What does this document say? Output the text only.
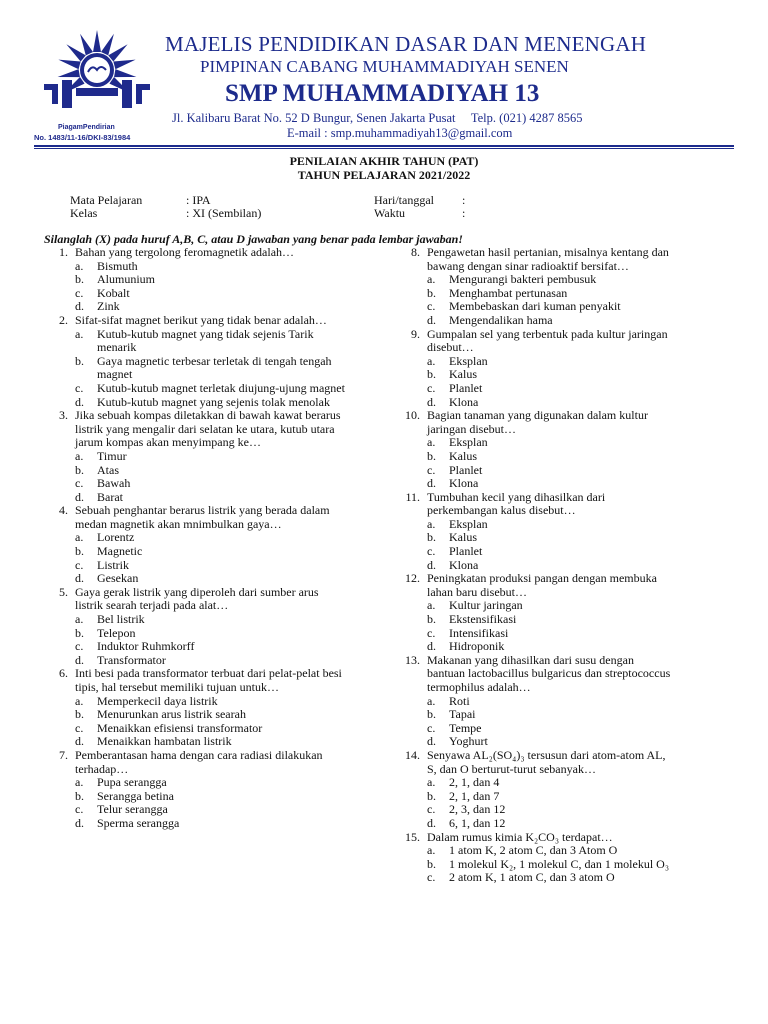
PiagamPendirian
No. 1483/11-16/DKI-83/1984
MAJELIS PENDIDIKAN DASAR DAN MENENGAH
PIMPINAN CABANG MUHAMMADIYAH SENEN
SMP MUHAMMADIYAH 13
Jl. Kalibaru Barat No. 52 D Bungur, Senen Jakarta Pusat     Telp. (021) 4287 8565
E-mail : smp.muhammadiyah13@gmail.com
PENILAIAN AKHIR TAHUN (PAT)
TAHUN PELAJARAN 2021/2022
Mata Pelajaran	: IPA
Kelas	: XI (Sembilan)
Hari/tanggal :
Waktu	:
Silanglah (X) pada huruf A,B, C, atau D jawaban yang benar pada lembar jawaban!
1. Bahan yang tergolong feromagnetik adalah…
a.	Bismuth
b.	Alumunium
c.	Kobalt
d.	Zink
2. Sifat-sifat magnet berikut yang tidak benar adalah…
a.	Kutub-kutub magnet yang tidak sejenis Tarik menarik
b.	Gaya magnetic terbesar terletak di tengah tengah magnet
c.	Kutub-kutub magnet terletak diujung-ujung magnet
d.	Kutub-kutub magnet yang sejenis tolak menolak
3. Jika sebuah kompas diletakkan di bawah kawat berarus listrik yang mengalir dari selatan ke utara, kutub utara jarum kompas akan menyimpang ke…
a.	Timur
b.	Atas
c.	Bawah
d.	Barat
4. Sebuah penghantar berarus listrik yang berada dalam medan magnetik akan mnimbulkan gaya…
a.	Lorentz
b.	Magnetic
c.	Listrik
d.	Gesekan
5. Gaya gerak listrik yang diperoleh dari sumber arus listrik searah terjadi pada alat…
a.	Bel listrik
b.	Telepon
c.	Induktor Ruhmkorff
d.	Transformator
6. Inti besi pada transformator terbuat dari pelat-pelat besi tipis, hal tersebut memiliki tujuan untuk…
a.	Memperkecil daya listrik
b.	Menurunkan arus listrik searah
c.	Menaikkan efisiensi transformator
d.	Menaikkan hambatan listrik
7. Pemberantasan hama dengan cara radiasi dilakukan terhadap…
a.	Pupa serangga
b.	Serangga betina
c.	Telur serangga
d.	Sperma serangga
8. Pengawetan hasil pertanian, misalnya kentang dan bawang dengan sinar radioaktif bersifat…
a.	Mengurangi bakteri pembusuk
b.	Menghambat pertunasan
c.	Membebaskan dari kuman penyakit
d.	Mengendalikan hama
9. Gumpalan sel yang terbentuk pada kultur jaringan disebut…
a.	Eksplan
b.	Kalus
c.	Planlet
d.	Klona
10. Bagian tanaman yang digunakan dalam kultur jaringan disebut…
a.	Eksplan
b.	Kalus
c.	Planlet
d.	Klona
11. Tumbuhan kecil yang dihasilkan dari perkembangan kalus disebut…
a.	Eksplan
b.	Kalus
c.	Planlet
d.	Klona
12. Peningkatan produksi pangan dengan membuka lahan baru disebut…
a.	Kultur jaringan
b.	Ekstensifikasi
c.	Intensifikasi
d.	Hidroponik
13. Makanan yang dihasilkan dari susu dengan bantuan lactobacillus bulgaricus dan streptococcus termophilus adalah…
a.	Roti
b.	Tapai
c.	Tempe
d.	Yoghurt
14. Senyawa AL₂(SO₄)₃ tersusun dari atom-atom AL, S, dan O berturut-turut sebanyak…
a.	2, 1, dan 4
b.	2, 1, dan 7
c.	2, 3, dan 12
d.	6, 1, dan 12
15. Dalam rumus kimia K₂CO₃ terdapat…
a.	1 atom K, 2 atom C, dan 3 Atom O
b.	1 molekul K₂, 1 molekul C, dan 1 molekul O₃
c.	2 atom K, 1 atom C, dan 3 atom O
